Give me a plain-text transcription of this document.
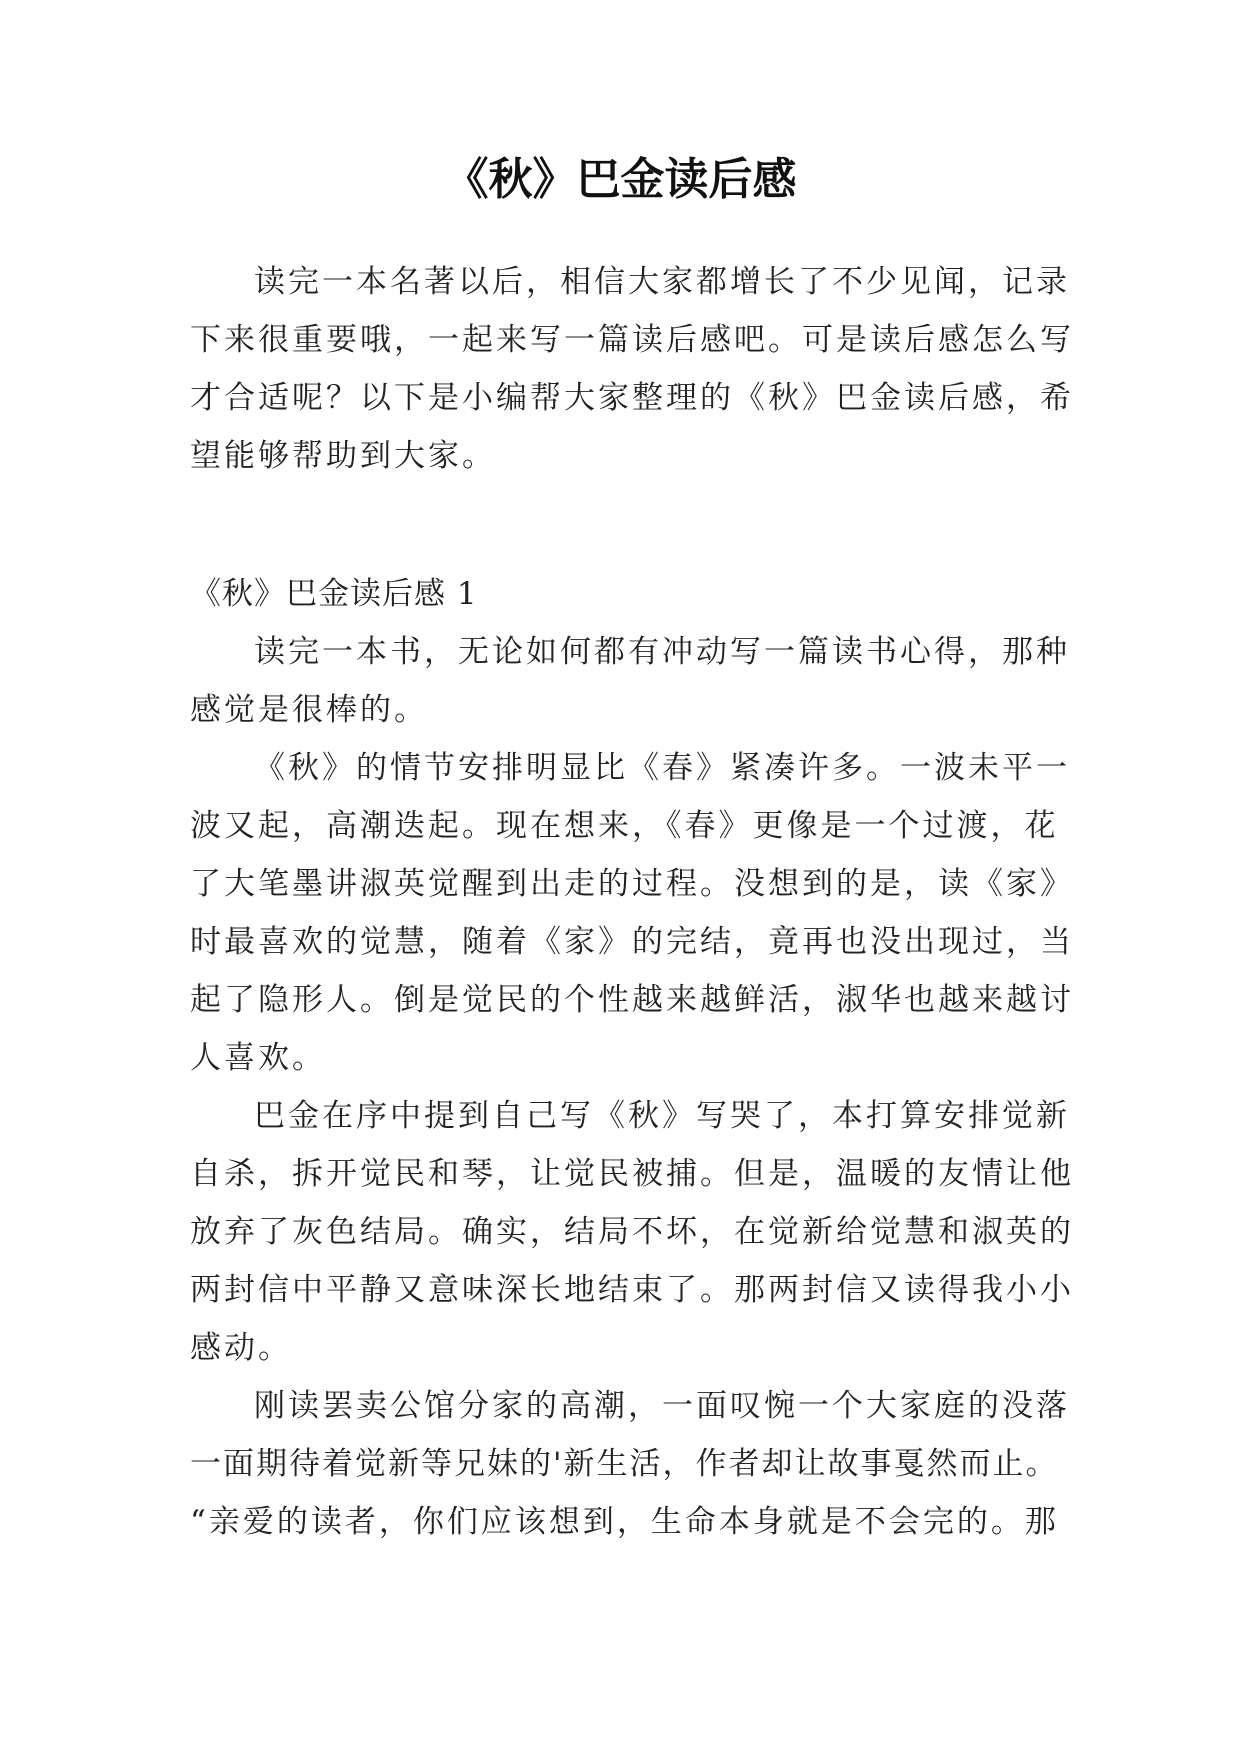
《秋》巴金读后感

读完一本名著以后，相信大家都增长了不少见闻，记录

下来很重要哦，一起来写一篇读后感吧。可是读后感怎么写

才合适呢？以下是小编帮大家整理的《秋》巴金读后感，希

望能够帮助到大家。

《秋》巴金读后感 1

读完一本书，无论如何都有冲动写一篇读书心得，那种

感觉是很棒的。

《秋》的情节安排明显比《春》紧凑许多。一波未平一

波又起，高潮迭起。现在想来，《春》更像是一个过渡，花

了大笔墨讲淑英觉醒到出走的过程。没想到的是，读《家》

时最喜欢的觉慧，随着《家》的完结，竟再也没出现过，当

起了隐形人。倒是觉民的个性越来越鲜活，淑华也越来越讨

人喜欢。

巴金在序中提到自己写《秋》写哭了，本打算安排觉新

自杀，拆开觉民和琴，让觉民被捕。但是，温暖的友情让他

放弃了灰色结局。确实，结局不坏，在觉新给觉慧和淑英的

两封信中平静又意味深长地结束了。那两封信又读得我小小

感动。

刚读罢卖公馆分家的高潮，一面叹惋一个大家庭的没落

一面期待着觉新等兄妹的'新生活，作者却让故事戛然而止。

“亲爱的读者，你们应该想到，生命本身就是不会完的。那
